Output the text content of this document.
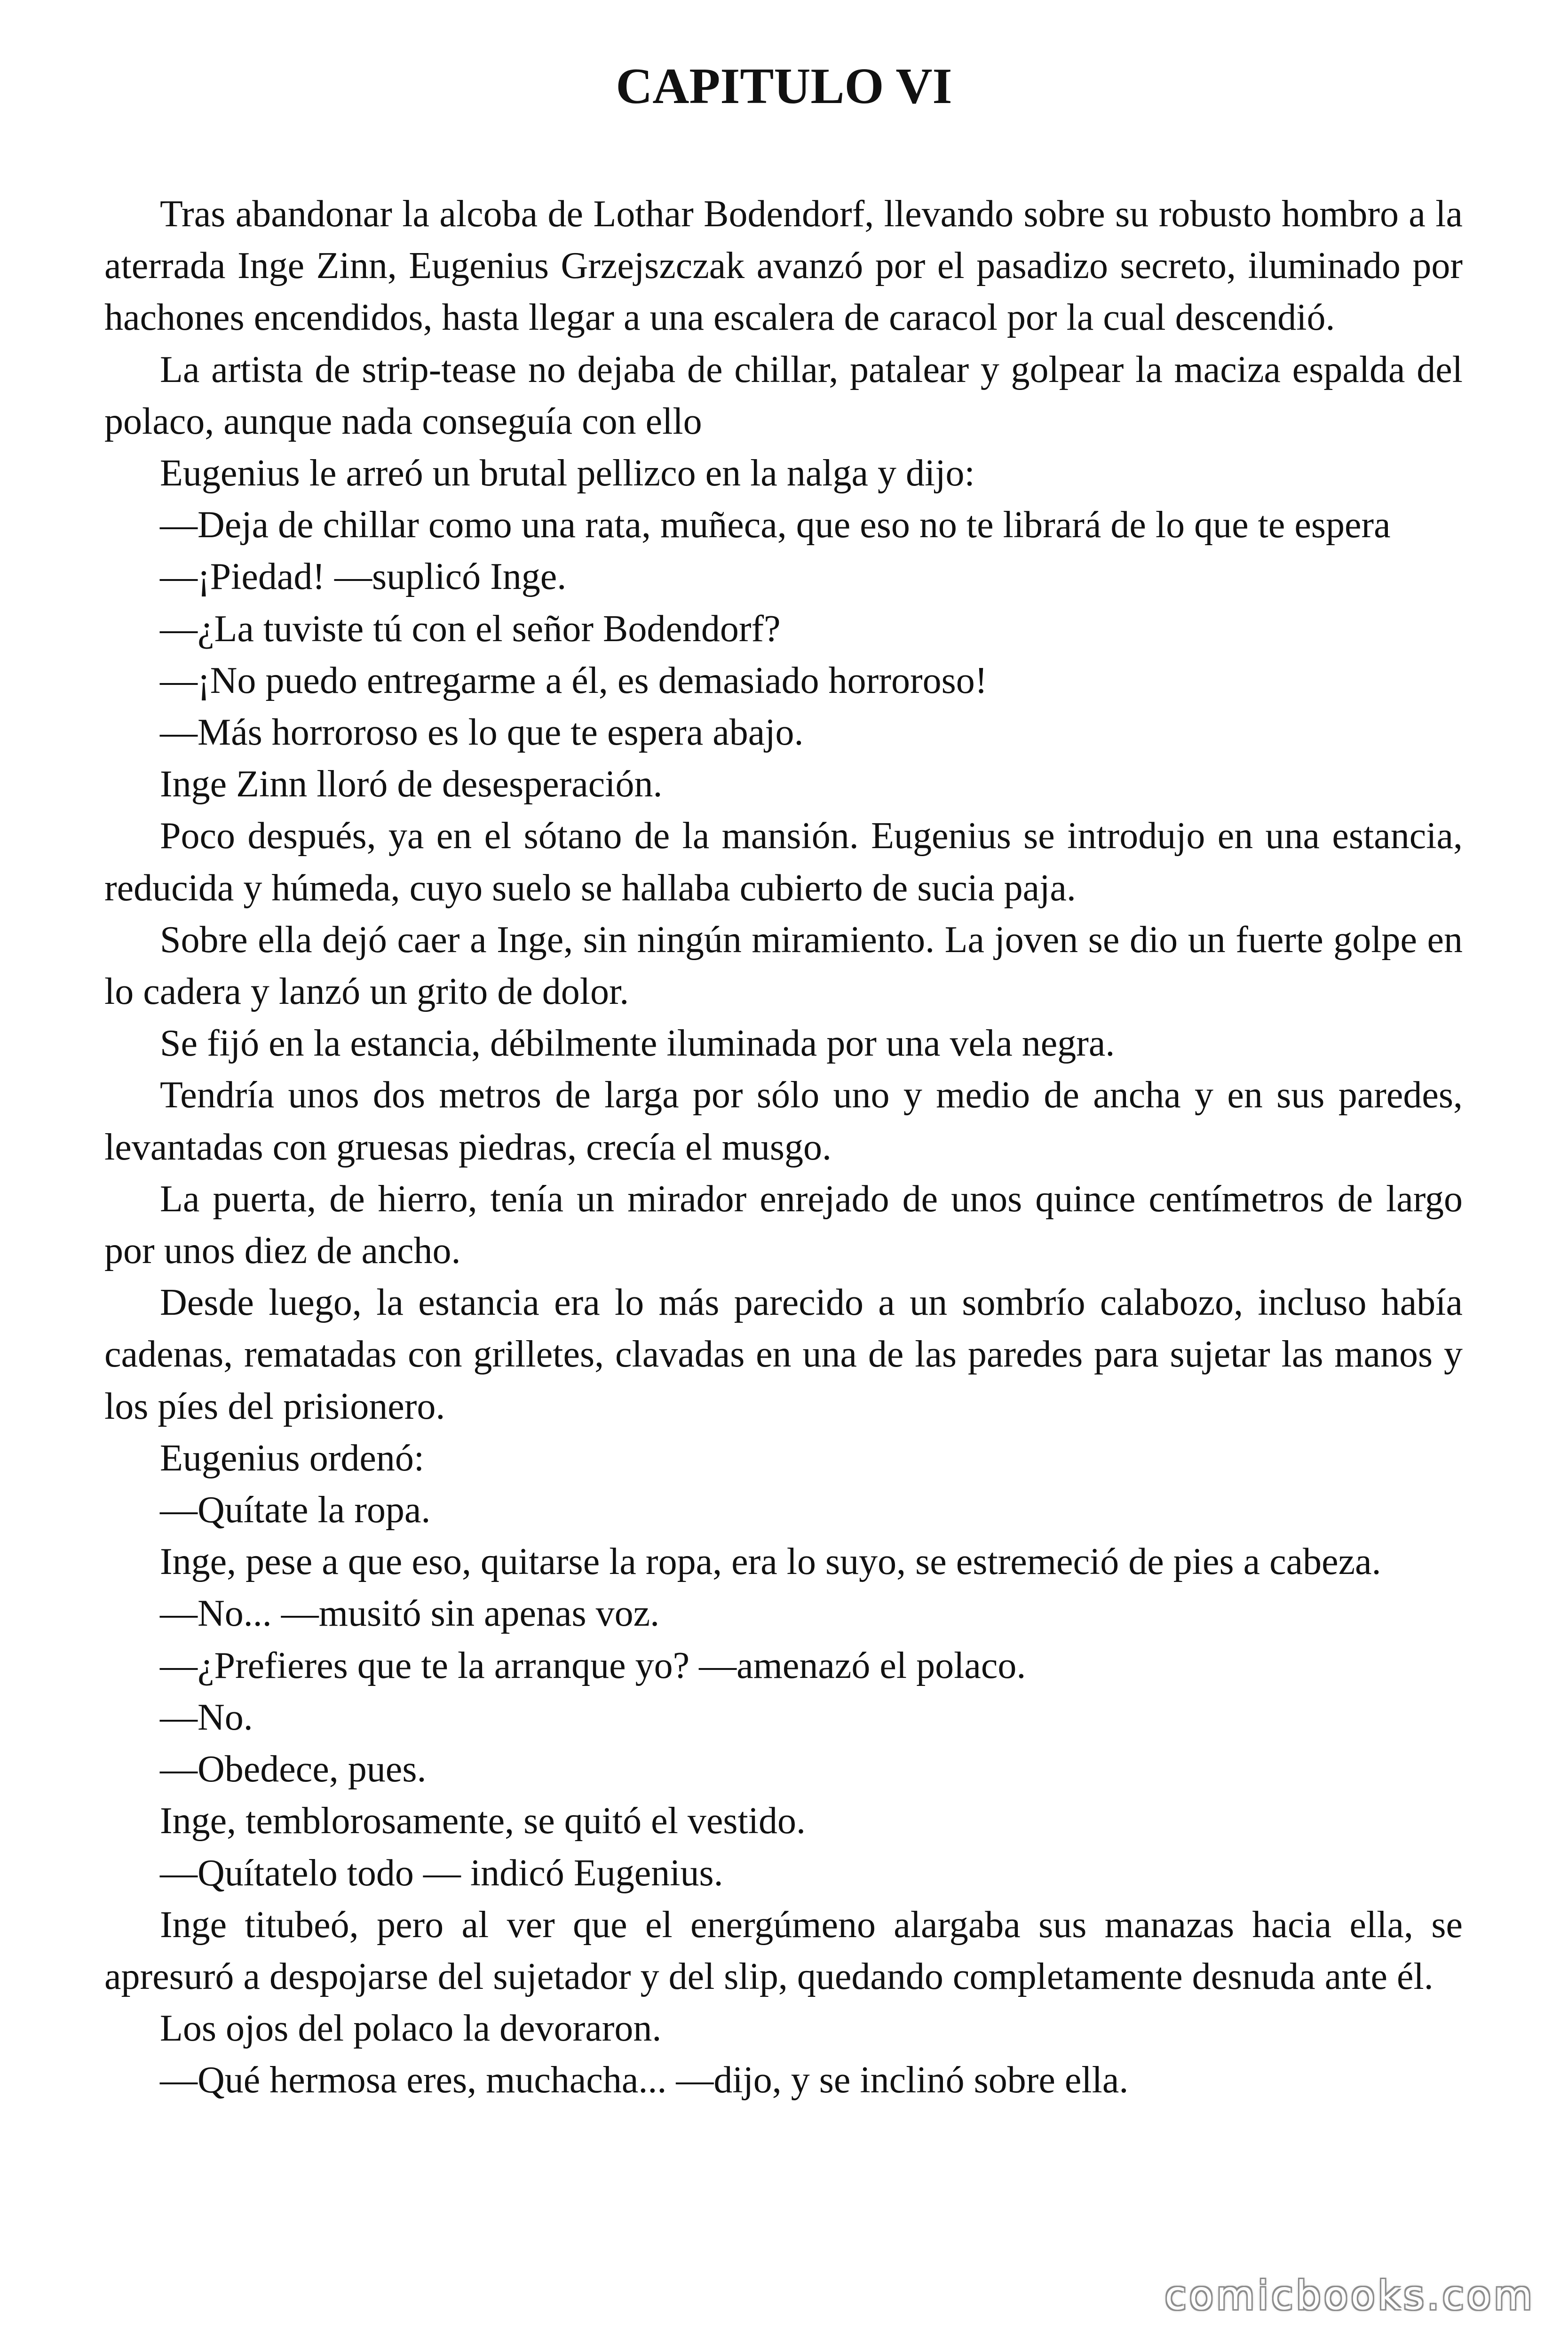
CAPITULO VI

Tras abandonar la alcoba de Lothar Bodendorf, llevando sobre su robusto hombro a la aterrada Inge Zinn, Eugenius Grzejszczak avanzó por el pasadizo secreto, iluminado por hachones encendidos, hasta llegar a una escalera de caracol por la cual descendió.

La artista de strip-tease no dejaba de chillar, patalear y golpear la maciza espalda del polaco, aunque nada conseguía con ello

Eugenius le arreó un brutal pellizco en la nalga y dijo:

—Deja de chillar como una rata, muñeca, que eso no te librará de lo que te espera

—¡Piedad! —suplicó Inge.

—¿La tuviste tú con el señor Bodendorf?

—¡No puedo entregarme a él, es demasiado horroroso!

—Más horroroso es lo que te espera abajo.

Inge Zinn lloró de desesperación.

Poco después, ya en el sótano de la mansión. Eugenius se introdujo en una estancia, reducida y húmeda, cuyo suelo se hallaba cubierto de sucia paja.

Sobre ella dejó caer a Inge, sin ningún miramiento. La joven se dio un fuerte golpe en lo cadera y lanzó un grito de dolor.

Se fijó en la estancia, débilmente iluminada por una vela negra.

Tendría unos dos metros de larga por sólo uno y medio de ancha y en sus paredes, levantadas con gruesas piedras, crecía el musgo.

La puerta, de hierro, tenía un mirador enrejado de unos quince centímetros de largo por unos diez de ancho.

Desde luego, la estancia era lo más parecido a un sombrío calabozo, incluso había cadenas, rematadas con grilletes, clavadas en una de las paredes para sujetar las manos y los píes del prisionero.

Eugenius ordenó:

—Quítate la ropa.

Inge, pese a que eso, quitarse la ropa, era lo suyo, se estremeció de pies a cabeza.

—No... —musitó sin apenas voz.

—¿Prefieres que te la arranque yo? —amenazó el polaco.

—No.

—Obedece, pues.

Inge, temblorosamente, se quitó el vestido.

—Quítatelo todo — indicó Eugenius.

Inge titubeó, pero al ver que el energúmeno alargaba sus manazas hacia ella, se apresuró a despojarse del sujetador y del slip, quedando completamente desnuda ante él.

Los ojos del polaco la devoraron.

—Qué hermosa eres, muchacha... —dijo, y se inclinó sobre ella.

comicbooks.com
